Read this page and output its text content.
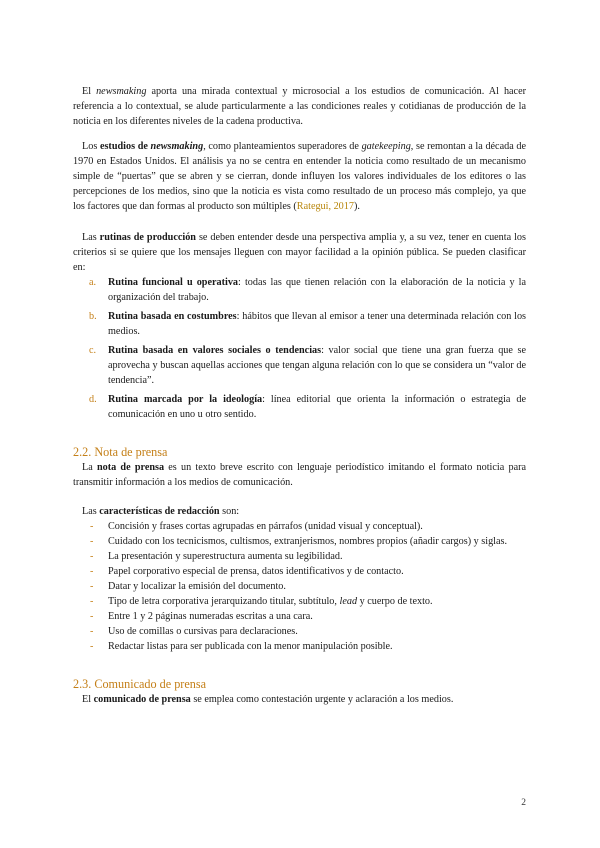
El newsmaking aporta una mirada contextual y microsocial a los estudios de comunicación. Al hacer referencia a lo contextual, se alude particularmente a las condiciones reales y cotidianas de producción de la noticia en los diferentes niveles de la cadena productiva.

Los estudios de newsmaking, como planteamientos superadores de gatekeeping, se remontan a la década de 1970 en Estados Unidos. El análisis ya no se centra en entender la noticia como resultado de un mecanismo simple de “puertas” que se abren y se cierran, donde influyen los valores individuales de los editores o las percepciones de los medios, sino que la noticia es vista como resultado de un proceso más complejo, ya que los factores que dan formas al producto son múltiples (Rategui, 2017).

Las rutinas de producción se deben entender desde una perspectiva amplia y, a su vez, tener en cuenta los criterios si se quiere que los mensajes lleguen con mayor facilidad a la opinión pública. Se pueden clasificar en:

a. Rutina funcional u operativa: todas las que tienen relación con la elaboración de la noticia y la organización del trabajo.
b. Rutina basada en costumbres: hábitos que llevan al emisor a tener una determinada relación con los medios.
c. Rutina basada en valores sociales o tendencias: valor social que tiene una gran fuerza que se aprovecha y buscan aquellas acciones que tengan alguna relación con lo que se considera un “valor de tendencia”.
d. Rutina marcada por la ideología: línea editorial que orienta la información o estrategia de comunicación en uno u otro sentido.
2.2. Nota de prensa

La nota de prensa es un texto breve escrito con lenguaje periodístico imitando el formato noticia para transmitir información a los medios de comunicación.

Las características de redacción son:

- Concisión y frases cortas agrupadas en párrafos (unidad visual y conceptual).
- Cuidado con los tecnicismos, cultismos, extranjerismos, nombres propios (añadir cargos) y siglas.
- La presentación y superestructura aumenta su legibilidad.
- Papel corporativo especial de prensa, datos identificativos y de contacto.
- Datar y localizar la emisión del documento.
- Tipo de letra corporativa jerarquizando titular, subtítulo, lead y cuerpo de texto.
- Entre 1 y 2 páginas numeradas escritas a una cara.
- Uso de comillas o cursivas para declaraciones.
- Redactar listas para ser publicada con la menor manipulación posible.
2.3. Comunicado de prensa

El comunicado de prensa se emplea como contestación urgente y aclaración a los medios.

2
